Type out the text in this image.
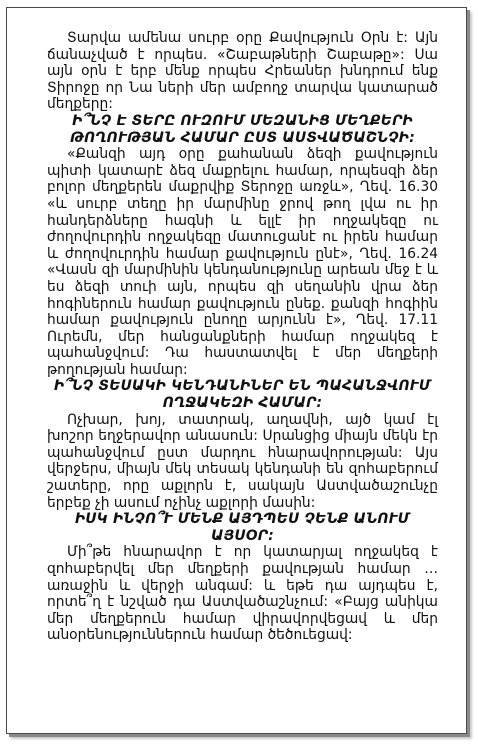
Տարվա ամենա սուրբ օրը Քավություն Օրն է: Այն ճանաչված է որպես. «Շաբաթների Շաբաթը»: Սա այն օրն է երբ մենք որպես Հրեաներ խնդրում ենք Տիրոջը որ Նա ների մեր ամբողջ տարվա կատարած մեղքերը:

Ի՞ՆՉ Է ՏԵՐԸ ՈՒԶՈՒՄ ՄԵԶԱՆԻՑ ՄԵՂՔԵՐԻ ԹՈՂՈՒԹՅԱՆ ՀԱՄԱՐ ԸՍՏ ԱՍՏՎԱԾԱՇՆՉԻ:

«Քանզի այդ օրը քահանան ձեզի քավություն պիտի կատարէ ձեզ մաքրելու համար, որպեսզի ձեր բոլոր մեղքերեն մաքրվիք Տերոջը առջև», Ղեվ. 16.30 «և սուրբ տեղը իր մարմինը ջրով թող լվա ու իր հանդերձները հագնի և ելլէ իր ողջակեզը ու ժողովուրդին ողջակեզը մատուցանէ ու իրեն համար և ժողովուրդին համար քավություն ընէ», Ղեվ. 16.24 «Վասն զի մարմինին կենդանությունը արեան մեջ է և ես ձեզի տուի այն, որպես զի սեղանին վրա ձեր հոգիներուն համար քավություն ընեք. քանզի հոգիին համար քավություն ընողը արյունն է», Ղեվ. 17.11 Ուրեմն, մեր հանցանքների համար ողջակեզ է պահանջվում: Դա հաստատվել է մեր մեղքերի թողության համար:

Ի՞ՆՉ ՏԵՍԱԿԻ ԿԵՆԴԱՆԻՆԵՐ ԵՆ ՊԱՀԱՆՋՎՈՒՄ ՈՂՋԱԿԵԶԻ ՀԱՄԱՐ:

Ոչխար, խոյ, տատրակ, աղավնի, այծ կամ էլ խոշոր եղջերավոր անասուն: Սրանցից միայն մեկն էր պահանջվում ըստ մարդու հնարավորության: Այս վերջերս, միայն մեկ տեսակ կենդանի են զոհաբերում շատերը, որը աքլորն է, սակայն Աստվածաշունչը երբեք չի ասում ոչինչ աքլորի մասին:

ԻՍԿ ԻՆՉՈ՞Ւ ՄԵՆՔ ԱՅԴՊԵՍ ՉԵՆՔ ԱՆՈՒՄ ԱՅՍՕՐ:

Մի՞թե հնարավոր է որ կատարյալ ողջակեզ է զոհաբերվել մեր մեղքերի քավության համար …առաջին և վերջի անգամ: և եթե դա այդպես է, որտե՞ղ է նշված դա Աստվածաշնչում: «Բայց անիկա մեր մեղքերուն համար վիրավորվեցավ և մեր անօրենություններուն համար ծեծուեցավ:
